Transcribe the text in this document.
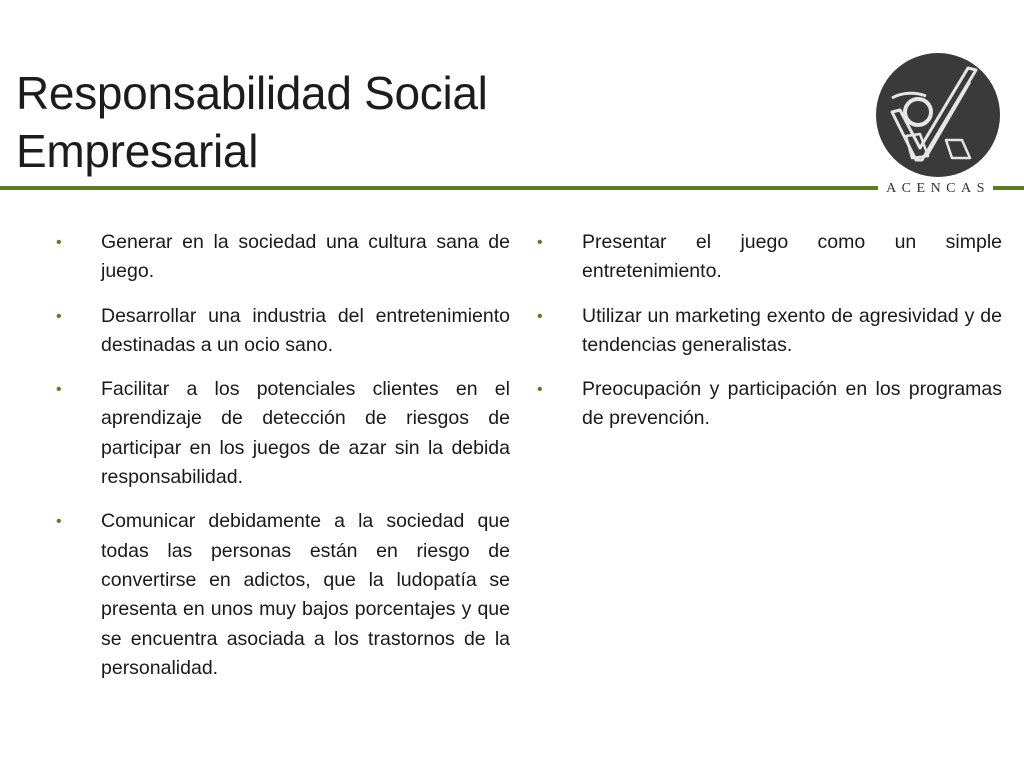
Responsabilidad Social
Empresarial
ACENCAS
•	Generar en la sociedad una cultura sana de juego.
•	Desarrollar una industria del entretenimiento destinadas a un ocio sano.
•	Facilitar a los potenciales clientes en el aprendizaje de detección de riesgos de participar en los juegos de azar sin la debida responsabilidad.
•	Comunicar debidamente a la sociedad que todas las personas están en riesgo de convertirse en adictos, que la ludopatía se presenta en unos muy bajos porcentajes y que se encuentra asociada a los trastornos de la personalidad.
•	Presentar el juego como un simple entretenimiento.
•	Utilizar un marketing exento de agresividad y de tendencias generalistas.
•	Preocupación y participación en los programas de prevención.
